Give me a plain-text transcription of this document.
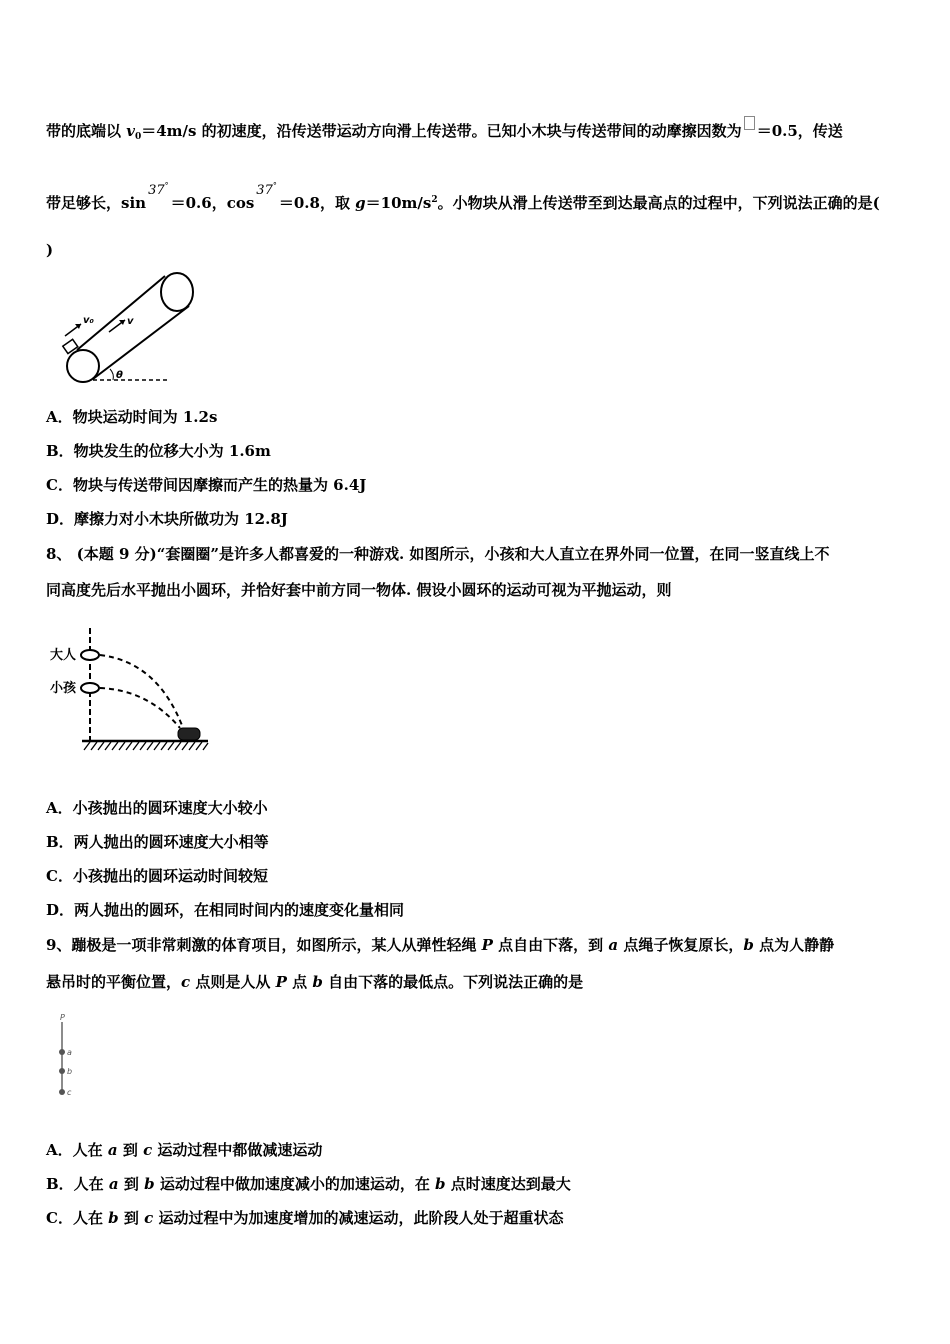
带的底端以 $v_0=4m/s$ 的初速度，沿传送带运动方向滑上传送带。已知小木块与传送带间的动摩擦因数为 ＝0.5，传送
带足够长，sin37°＝0.6，cos37°＝0.8，取 $g=10m/s^2$。小物块从滑上传送带至到达最高点的过程中，下列说法正确的是(
)
v₀	v
θ
A．物块运动时间为 1.2s
B．物块发生的位移大小为 1.6m
C．物块与传送带间因摩擦而产生的热量为 6.4J
D．摩擦力对小木块所做功为 12.8J
8、 (本题 9 分)“套圈圈”是许多人都喜爱的一种游戏. 如图所示，小孩和大人直立在界外同一位置，在同一竖直线上不
同高度先后水平抛出小圆环，并恰好套中前方同一物体. 假设小圆环的运动可视为平抛运动，则
大人
小孩
A．小孩抛出的圆环速度大小较小
B．两人抛出的圆环速度大小相等
C．小孩抛出的圆环运动时间较短
D．两人抛出的圆环，在相同时间内的速度变化量相同
9、蹦极是一项非常刺激的体育项目，如图所示，某人从弹性轻绳 P 点自由下落，到 a 点绳子恢复原长，b 点为人静静
悬吊时的平衡位置，c 点则是人从 P 点 b 自由下落的最低点。下列说法正确的是
P
a
b
c
A．人在 a 到 c 运动过程中都做减速运动
B．人在 a 到 b 运动过程中做加速度减小的加速运动，在 b 点时速度达到最大
C．人在 b 到 c 运动过程中为加速度增加的减速运动，此阶段人处于超重状态
